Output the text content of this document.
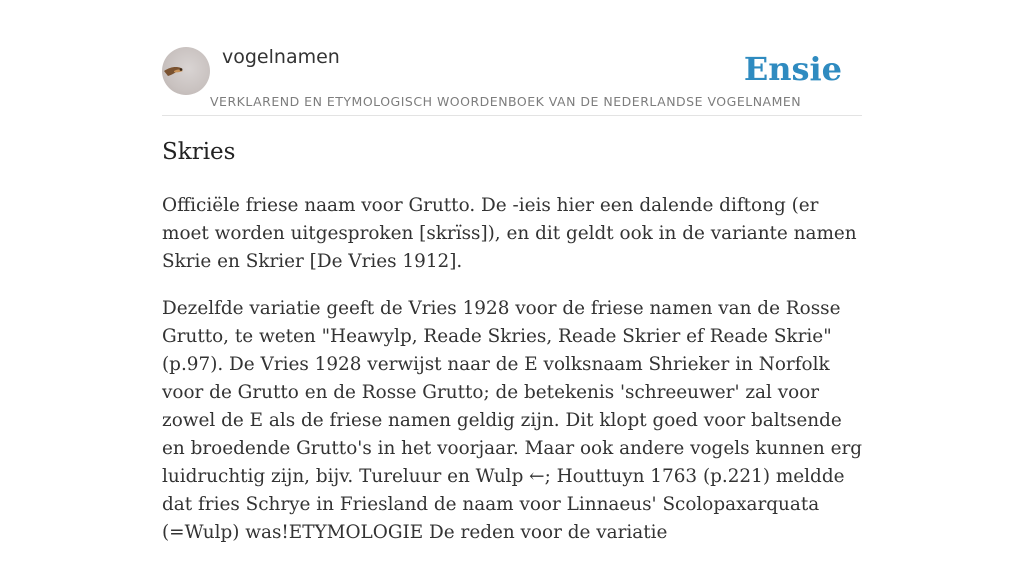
vogelnamen
VERKLAREND EN ETYMOLOGISCH WOORDENBOEK VAN DE NEDERLANDSE VOGELNAMEN
Ensie
Skries

Officiële friese naam voor Grutto. De -ieis hier een dalende diftong (er moet worden uitgesproken [skrïss]), en dit geldt ook in de variante namen Skrie en Skrier [De Vries 1912].

Dezelfde variatie geeft de Vries 1928 voor de friese namen van de Rosse Grutto, te weten "Heawylp, Reade Skries, Reade Skrier ef Reade Skrie" (p.97). De Vries 1928 verwijst naar de E volksnaam Shrieker in Norfolk voor de Grutto en de Rosse Grutto; de betekenis 'schreeuwer' zal voor zowel de E als de friese namen geldig zijn. Dit klopt goed voor baltsende en broedende Grutto's in het voorjaar. Maar ook andere vogels kunnen erg luidruchtig zijn, bijv. Tureluur en Wulp ←; Houttuyn 1763 (p.221) meldde dat fries Schrye in Friesland de naam voor Linnaeus' Scolopaxarquata (=Wulp) was!ETYMOLOGIE De reden voor de variatie
